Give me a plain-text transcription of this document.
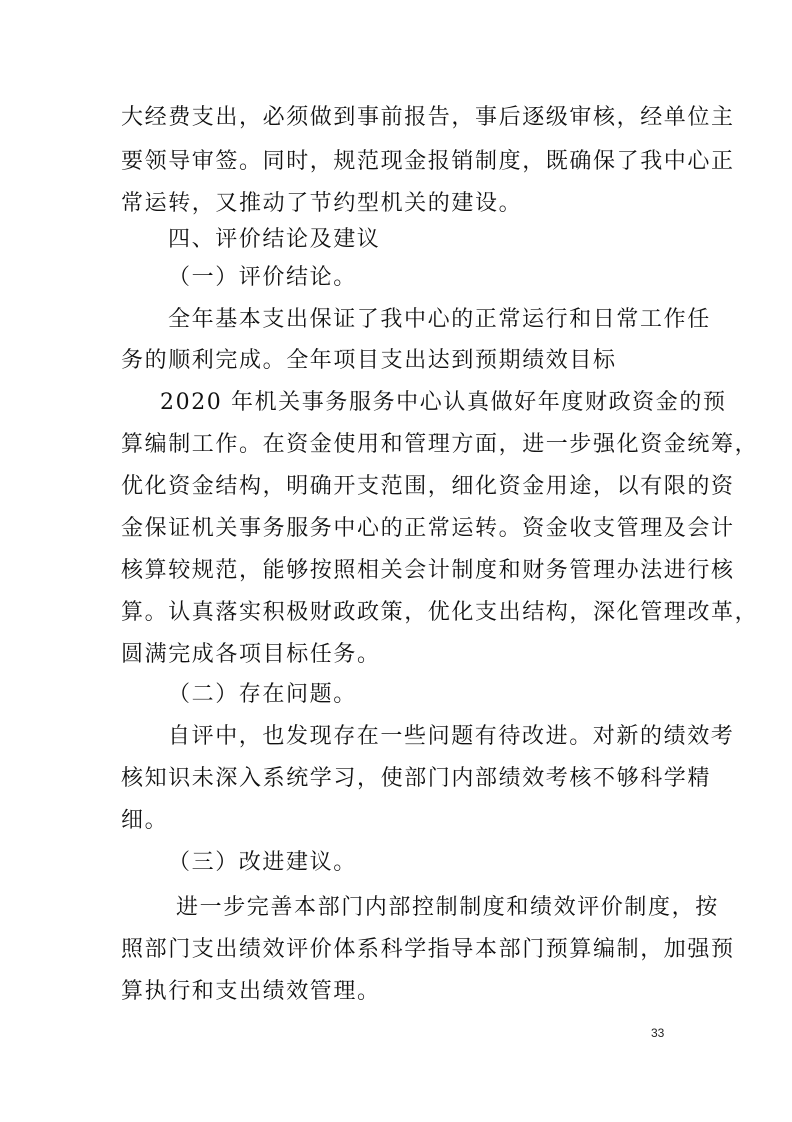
大经费支出，必须做到事前报告，事后逐级审核，经单位主
要领导审签。同时，规范现金报销制度，既确保了我中心正
常运转，又推动了节约型机关的建设。
四、评价结论及建议
（一）评价结论。
全年基本支出保证了我中心的正常运行和日常工作任
务的顺利完成。全年项目支出达到预期绩效目标
2020 年机关事务服务中心认真做好年度财政资金的预
算编制工作。在资金使用和管理方面，进一步强化资金统筹，
优化资金结构，明确开支范围，细化资金用途，以有限的资
金保证机关事务服务中心的正常运转。资金收支管理及会计
核算较规范，能够按照相关会计制度和财务管理办法进行核
算。认真落实积极财政政策，优化支出结构，深化管理改革，
圆满完成各项目标任务。
（二）存在问题。
自评中，也发现存在一些问题有待改进。对新的绩效考
核知识未深入系统学习，使部门内部绩效考核不够科学精
细。
（三）改进建议。
进一步完善本部门内部控制制度和绩效评价制度，按
照部门支出绩效评价体系科学指导本部门预算编制，加强预
算执行和支出绩效管理。
33
